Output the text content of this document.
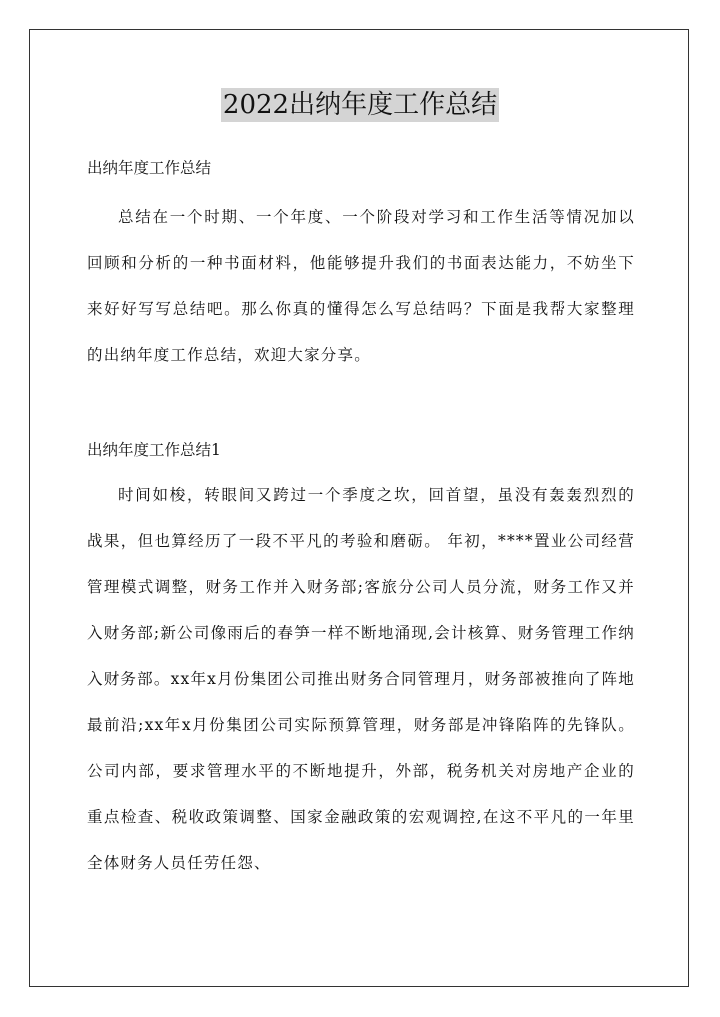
2022出纳年度工作总结
出纳年度工作总结
总结在一个时期、一个年度、一个阶段对学习和工作生活等情况加以回顾和分析的一种书面材料，他能够提升我们的书面表达能力，不妨坐下来好好写写总结吧。那么你真的懂得怎么写总结吗？下面是我帮大家整理的出纳年度工作总结，欢迎大家分享。
出纳年度工作总结1
时间如梭，转眼间又跨过一个季度之坎，回首望，虽没有轰轰烈烈的战果，但也算经历了一段不平凡的考验和磨砺。 年初，****置业公司经营管理模式调整，财务工作并入财务部;客旅分公司人员分流，财务工作又并入财务部;新公司像雨后的春笋一样不断地涌现,会计核算、财务管理工作纳入财务部。xx年x月份集团公司推出财务合同管理月，财务部被推向了阵地最前沿;xx年x月份集团公司实际预算管理，财务部是冲锋陷阵的先锋队。公司内部，要求管理水平的不断地提升，外部，税务机关对房地产企业的重点检查、税收政策调整、国家金融政策的宏观调控,在这不平凡的一年里全体财务人员任劳任怨、
